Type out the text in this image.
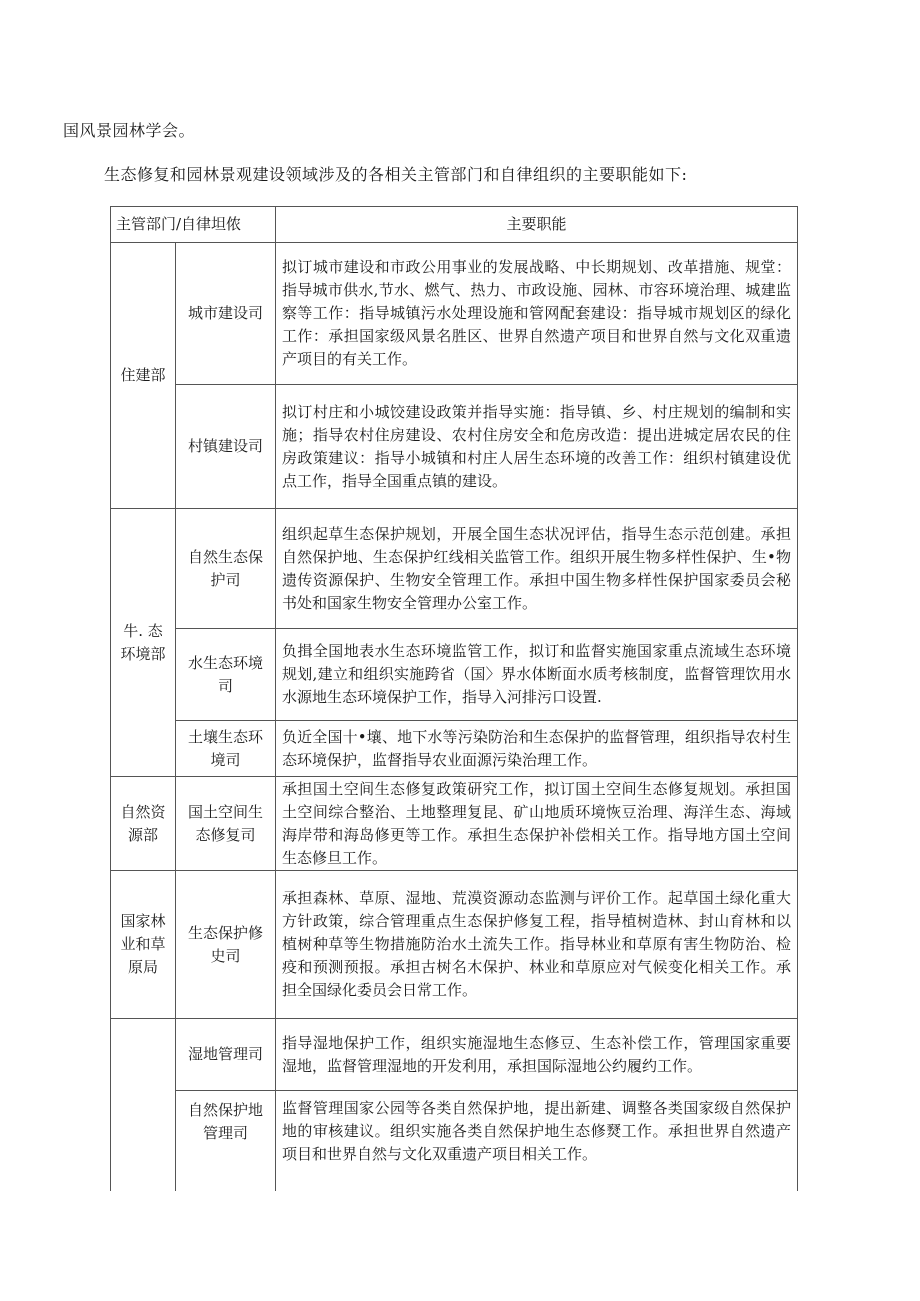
国风景园林学会。

生态修复和园林景观建设领域涉及的各相关主管部门和自律组织的主要职能如下:

主管部门/自律坦侬		主要职能
住建部	城市建设司	拟订城市建设和市政公用事业的发展战略、中长期规划、改革措施、规堂：指导城市供水,节水、燃气、热力、市政设施、园林、市容环境治理、城建监察等工作：指导城镇污水处理设施和管网配套建设：指导城市规划区的绿化工作：承担国家级风景名胜区、世界自然遗产项目和世界自然与文化双重遗产项目的有关工作。
	村镇建设司	拟订村庄和小城饺建设政策并指导实施：指导镇、乡、村庄规划的编制和实施；指导农村住房建设、农村住房安全和危房改造：提出进城定居农民的住房政策建议：指导小城镇和村庄人居生态环境的改善工作：组织村镇建设优点工作，指导全国重点镇的建设。
牛. 态环境部	自然生态保护司	组织起草生态保护规划，开展全国生态状况评估，指导生态示范创建。承担自然保护地、生态保护红线相关监管工作。组织开展生物多样性保护、生•物遗传资源保护、生物安全管理工作。承担中国生物多样性保护国家委员会秘书处和国家生物安全管理办公室工作。
	水生态环境司	负揖全国地表水生态环境监管工作，拟订和监督实施国家重点流域生态环境规划,建立和组织实施跨省（国〉界水体断面水质考核制度，监督管理饮用水水源地生态环境保护工作，指导入河排污口设置.
	土壤生态环境司	负近全国十•壤、地下水等污染防治和生态保护的监督管理，组织指导农村生态环境保护，监督指导农业面源污染治理工作。
自然资源部	国土空间生态修复司	承担国土空间生态修复政策研究工作，拟订国土空间生态修复规划。承担国土空间综合整治、土地整理复昆、矿山地质环境恢豆治理、海洋生态、海域海岸带和海岛修更等工作。承担生态保护补偿相关工作。指导地方国土空间生态修旦工作。
国家林业和草原局	生态保护修史司	承担森林、草原、湿地、荒漠资源动态监测与评价工作。起草国土绿化重大方针政策，综合管理重点生态保护修复工程，指导植树造林、封山育林和以植树种草等生物措施防治水土流失工作。指导林业和草原有害生物防治、检疫和预测预报。承担古树名木保护、林业和草原应对气候变化相关工作。承担全国绿化委员会日常工作。
	湿地管理司	指导湿地保护工作，组织实施湿地生态修豆、生态补偿工作，管理国家重要湿地，监督管理湿地的开发利用，承担国际湿地公约履约工作。
	自然保护地管理司	监督管理国家公园等各类自然保护地，提出新建、调整各类国家级自然保护地的审核建议。组织实施各类自然保护地生态修燹工作。承担世界自然遗产项目和世界自然与文化双重遗产项目相关工作。
